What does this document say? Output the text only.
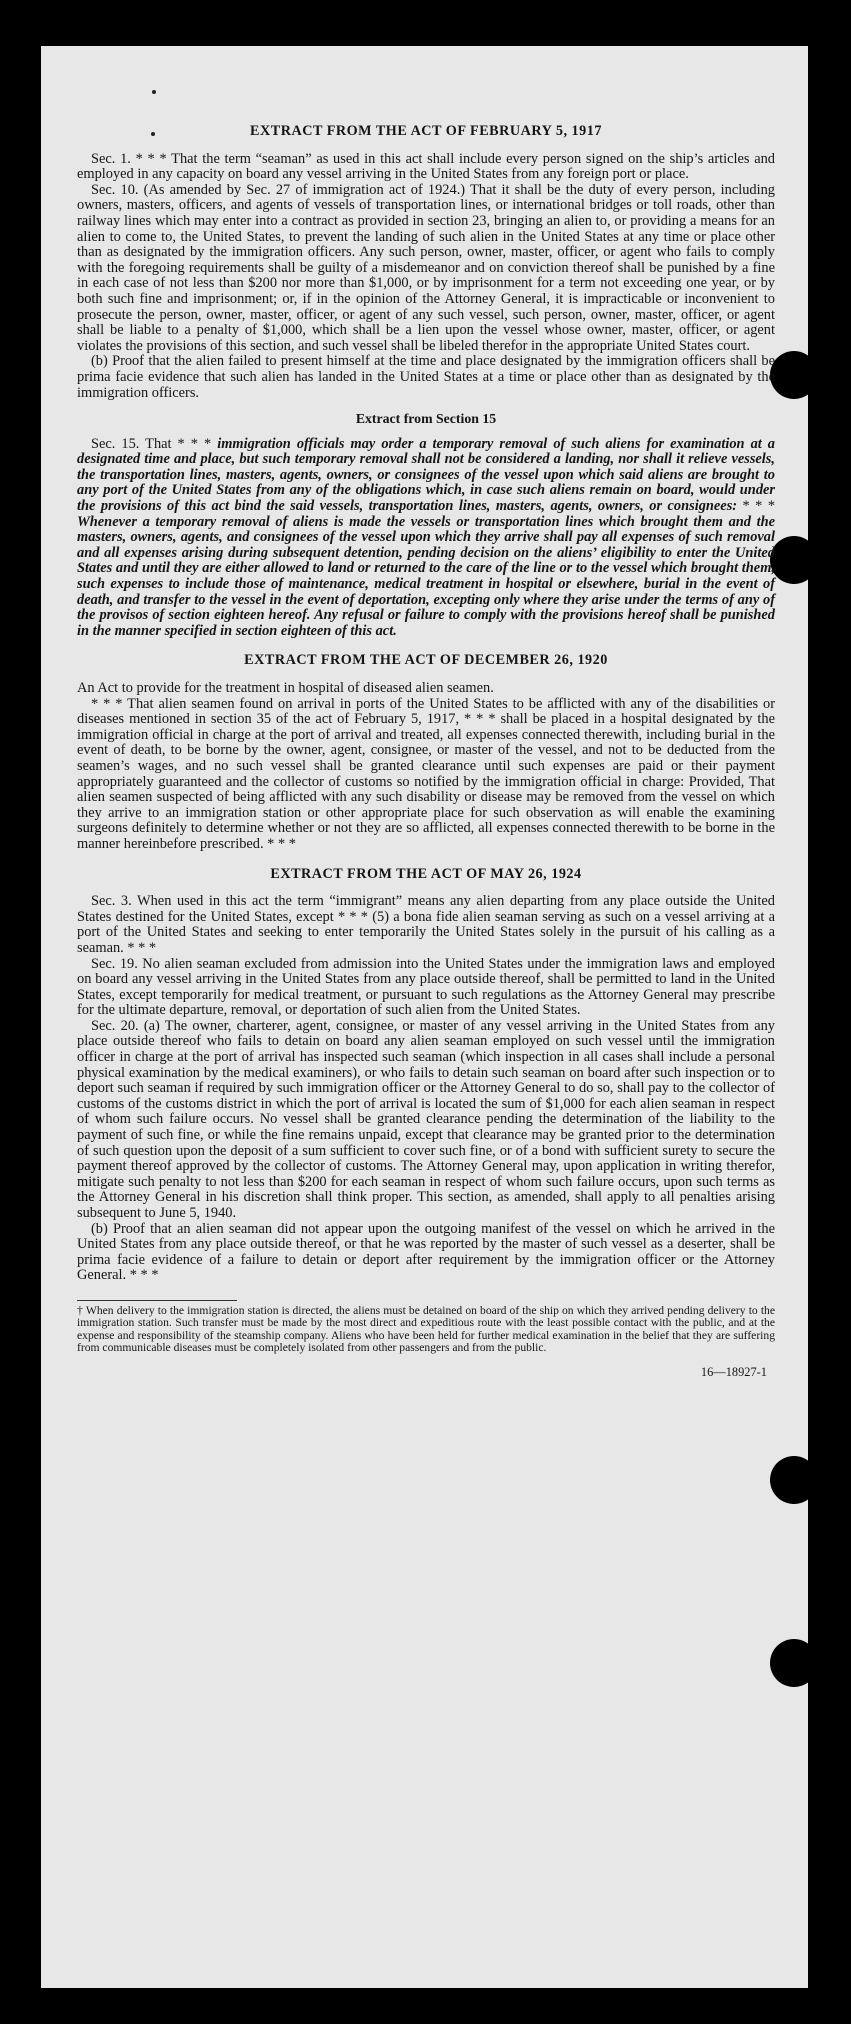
EXTRACT FROM THE ACT OF FEBRUARY 5, 1917

Sec. 1. * * * That the term “seaman” as used in this act shall include every person signed on the ship’s articles and employed in any capacity on board any vessel arriving in the United States from any foreign port or place.

Sec. 10. (As amended by Sec. 27 of immigration act of 1924.) That it shall be the duty of every person, including owners, masters, officers, and agents of vessels of transportation lines, or international bridges or toll roads, other than railway lines which may enter into a contract as provided in section 23, bringing an alien to, or providing a means for an alien to come to, the United States, to prevent the landing of such alien in the United States at any time or place other than as designated by the immigration officers. Any such person, owner, master, officer, or agent who fails to comply with the foregoing requirements shall be guilty of a misdemeanor and on conviction thereof shall be punished by a fine in each case of not less than $200 nor more than $1,000, or by imprisonment for a term not exceeding one year, or by both such fine and imprisonment; or, if in the opinion of the Attorney General, it is impracticable or inconvenient to prosecute the person, owner, master, officer, or agent of any such vessel, such person, owner, master, officer, or agent shall be liable to a penalty of $1,000, which shall be a lien upon the vessel whose owner, master, officer, or agent violates the provisions of this section, and such vessel shall be libeled therefor in the appropriate United States court.

(b) Proof that the alien failed to present himself at the time and place designated by the immigration officers shall be prima facie evidence that such alien has landed in the United States at a time or place other than as designated by the immigration officers.

Extract from Section 15

Sec. 15. That * * * immigration officials may order a temporary removal of such aliens for examination at a designated time and place, but such temporary removal shall not be considered a landing, nor shall it relieve vessels, the transportation lines, masters, agents, owners, or consignees of the vessel upon which said aliens are brought to any port of the United States from any of the obligations which, in case such aliens remain on board, would under the provisions of this act bind the said vessels, transportation lines, masters, agents, owners, or consignees: * * * Whenever a temporary removal of aliens is made the vessels or transportation lines which brought them and the masters, owners, agents, and consignees of the vessel upon which they arrive shall pay all expenses of such removal and all expenses arising during subsequent detention, pending decision on the aliens’ eligibility to enter the United States and until they are either allowed to land or returned to the care of the line or to the vessel which brought them, such expenses to include those of maintenance, medical treatment in hospital or elsewhere, burial in the event of death, and transfer to the vessel in the event of deportation, excepting only where they arise under the terms of any of the provisos of section eighteen hereof. Any refusal or failure to comply with the provisions hereof shall be punished in the manner specified in section eighteen of this act.

EXTRACT FROM THE ACT OF DECEMBER 26, 1920

An Act to provide for the treatment in hospital of diseased alien seamen.

* * * That alien seamen found on arrival in ports of the United States to be afflicted with any of the disabilities or diseases mentioned in section 35 of the act of February 5, 1917, * * * shall be placed in a hospital designated by the immigration official in charge at the port of arrival and treated, all expenses connected therewith, including burial in the event of death, to be borne by the owner, agent, consignee, or master of the vessel, and not to be deducted from the seamen’s wages, and no such vessel shall be granted clearance until such expenses are paid or their payment appropriately guaranteed and the collector of customs so notified by the immigration official in charge: Provided, That alien seamen suspected of being afflicted with any such disability or disease may be removed from the vessel on which they arrive to an immigration station or other appropriate place for such observation as will enable the examining surgeons definitely to determine whether or not they are so afflicted, all expenses connected therewith to be borne in the manner hereinbefore prescribed. * * *

EXTRACT FROM THE ACT OF MAY 26, 1924

Sec. 3. When used in this act the term “immigrant” means any alien departing from any place outside the United States destined for the United States, except * * * (5) a bona fide alien seaman serving as such on a vessel arriving at a port of the United States and seeking to enter temporarily the United States solely in the pursuit of his calling as a seaman. * * *

Sec. 19. No alien seaman excluded from admission into the United States under the immigration laws and employed on board any vessel arriving in the United States from any place outside thereof, shall be permitted to land in the United States, except temporarily for medical treatment, or pursuant to such regulations as the Attorney General may prescribe for the ultimate departure, removal, or deportation of such alien from the United States.

Sec. 20. (a) The owner, charterer, agent, consignee, or master of any vessel arriving in the United States from any place outside thereof who fails to detain on board any alien seaman employed on such vessel until the immigration officer in charge at the port of arrival has inspected such seaman (which inspection in all cases shall include a personal physical examination by the medical examiners), or who fails to detain such seaman on board after such inspection or to deport such seaman if required by such immigration officer or the Attorney General to do so, shall pay to the collector of customs of the customs district in which the port of arrival is located the sum of $1,000 for each alien seaman in respect of whom such failure occurs. No vessel shall be granted clearance pending the determination of the liability to the payment of such fine, or while the fine remains unpaid, except that clearance may be granted prior to the determination of such question upon the deposit of a sum sufficient to cover such fine, or of a bond with sufficient surety to secure the payment thereof approved by the collector of customs. The Attorney General may, upon application in writing therefor, mitigate such penalty to not less than $200 for each seaman in respect of whom such failure occurs, upon such terms as the Attorney General in his discretion shall think proper. This section, as amended, shall apply to all penalties arising subsequent to June 5, 1940.

(b) Proof that an alien seaman did not appear upon the outgoing manifest of the vessel on which he arrived in the United States from any place outside thereof, or that he was reported by the master of such vessel as a deserter, shall be prima facie evidence of a failure to detain or deport after requirement by the immigration officer or the Attorney General. * * *

† When delivery to the immigration station is directed, the aliens must be detained on board of the ship on which they arrived pending delivery to the immigration station. Such transfer must be made by the most direct and expeditious route with the least possible contact with the public, and at the expense and responsibility of the steamship company. Aliens who have been held for further medical examination in the belief that they are suffering from communicable diseases must be completely isolated from other passengers and from the public.

16—18927-1
